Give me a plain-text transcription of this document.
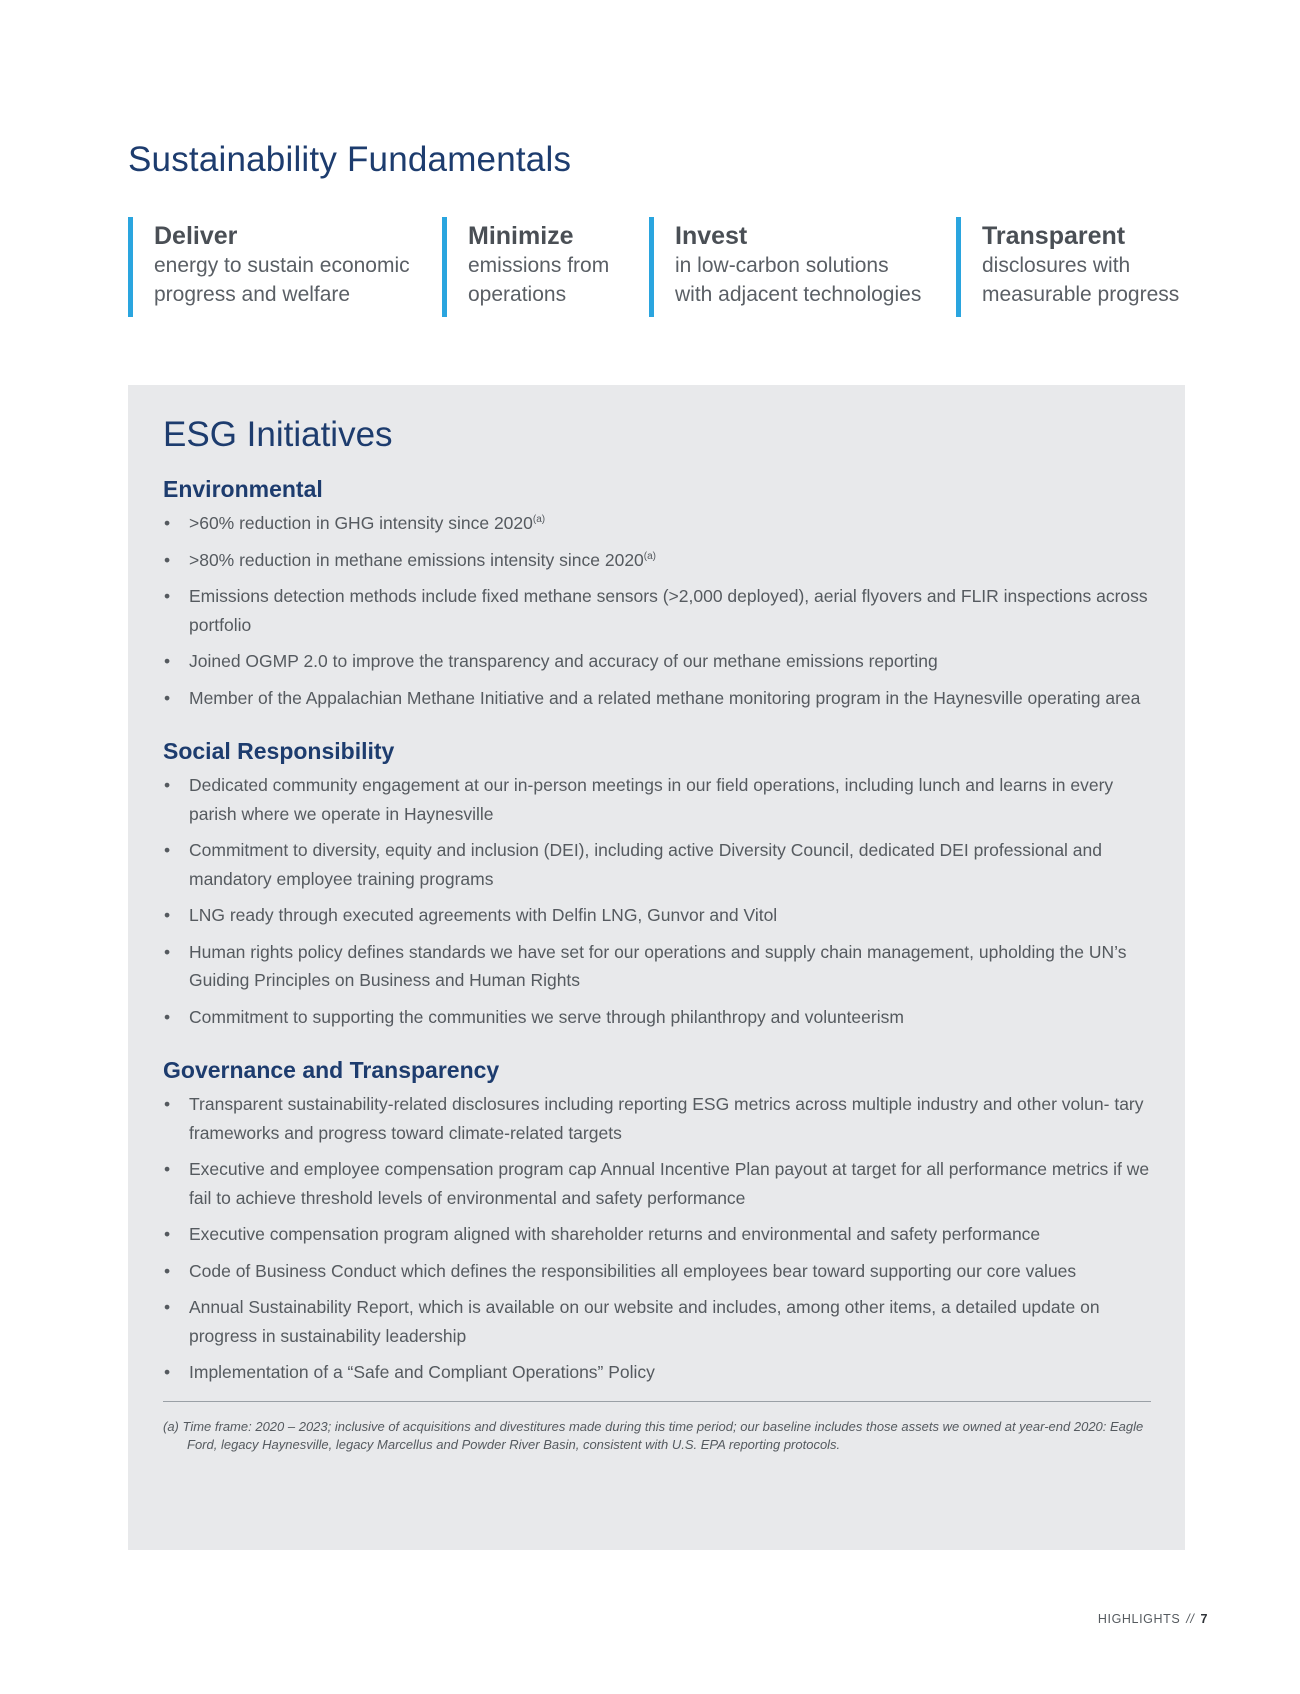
Sustainability Fundamentals
Deliver
energy to sustain economic
progress and welfare
Minimize
emissions from
operations
Invest
in low-carbon solutions
with adjacent technologies
Transparent
disclosures with
measurable progress
ESG Initiatives
Environmental
• >60% reduction in GHG intensity since 2020$^{(a)}$
• >80% reduction in methane emissions intensity since 2020$^{(a)}$
• Emissions detection methods include fixed methane sensors (>2,000 deployed), aerial flyovers and FLIR inspections across portfolio
• Joined OGMP 2.0 to improve the transparency and accuracy of our methane emissions reporting
• Member of the Appalachian Methane Initiative and a related methane monitoring program in the Haynesville operating area
Social Responsibility
• Dedicated community engagement at our in-person meetings in our field operations, including lunch and learns in every parish where we operate in Haynesville
• Commitment to diversity, equity and inclusion (DEI), including active Diversity Council, dedicated DEI professional and mandatory employee training programs
• LNG ready through executed agreements with Delfin LNG, Gunvor and Vitol
• Human rights policy defines standards we have set for our operations and supply chain management, upholding the UN’s Guiding Principles on Business and Human Rights
• Commitment to supporting the communities we serve through philanthropy and volunteerism
Governance and Transparency
• Transparent sustainability-related disclosures including reporting ESG metrics across multiple industry and other volun- tary frameworks and progress toward climate-related targets
• Executive and employee compensation program cap Annual Incentive Plan payout at target for all performance metrics if we fail to achieve threshold levels of environmental and safety performance
• Executive compensation program aligned with shareholder returns and environmental and safety performance
• Code of Business Conduct which defines the responsibilities all employees bear toward supporting our core values
• Annual Sustainability Report, which is available on our website and includes, among other items, a detailed update on progress in sustainability leadership
• Implementation of a “Safe and Compliant Operations” Policy

(a) Time frame: 2020 – 2023; inclusive of acquisitions and divestitures made during this time period; our baseline includes those assets we owned at year-end 2020: Eagle Ford, legacy Haynesville, legacy Marcellus and Powder River Basin, consistent with U.S. EPA reporting protocols.

HIGHLIGHTS // 7
